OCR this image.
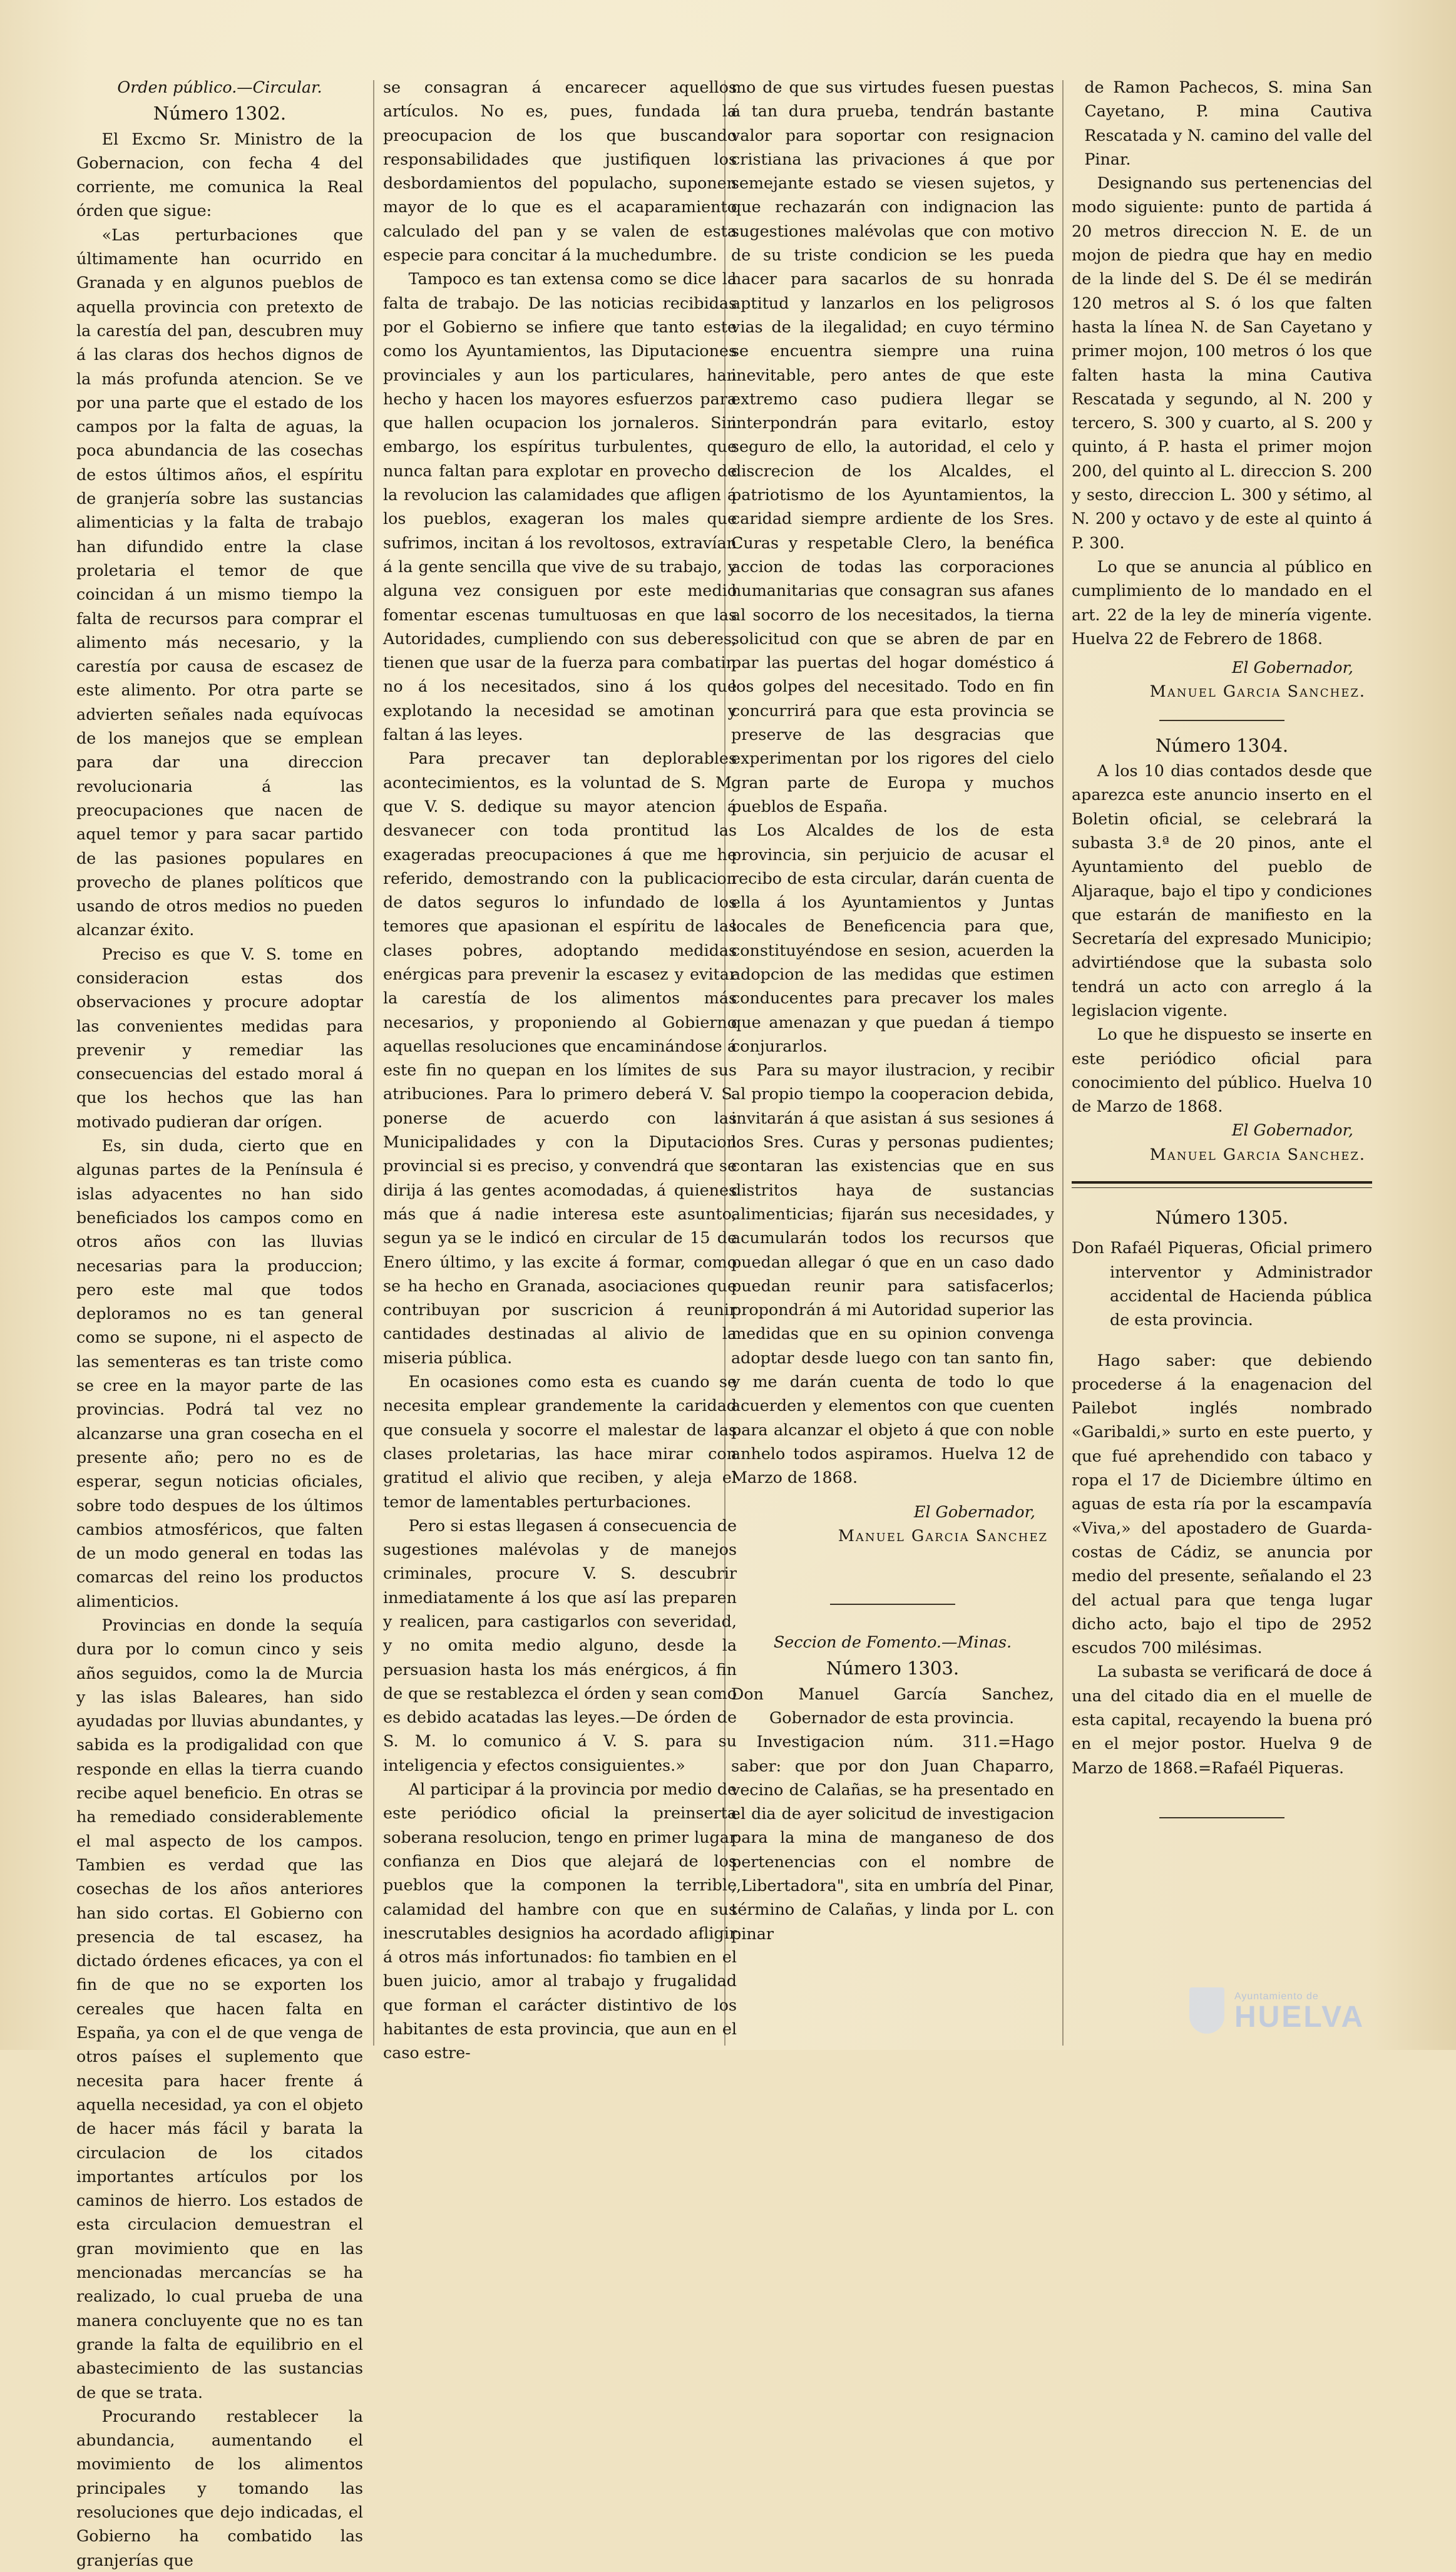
Orden público.—Circular.

Número 1302.

El Excmo Sr. Ministro de la Gobernacion, con fecha 4 del corriente, me comunica la Real órden que sigue:

«Las perturbaciones que últimamente han ocurrido en Granada y en algunos pueblos de aquella provincia con pretexto de la carestía del pan, descubren muy á las claras dos hechos dignos de la más profunda atencion. Se ve por una parte que el estado de los campos por la falta de aguas, la poca abundancia de las cosechas de estos últimos años, el espíritu de granjería sobre las sustancias alimenticias y la falta de trabajo han difundido entre la clase proletaria el temor de que coincidan á un mismo tiempo la falta de recursos para comprar el alimento más necesario, y la carestía por causa de escasez de este alimento. Por otra parte se advierten señales nada equívocas de los manejos que se emplean para dar una direccion revolucionaria á las preocupaciones que nacen de aquel temor y para sacar partido de las pasiones populares en provecho de planes políticos que usando de otros medios no pueden alcanzar éxito.

Preciso es que V. S. tome en consideracion estas dos observaciones y procure adoptar las convenientes medidas para prevenir y remediar las consecuencias del estado moral á que los hechos que las han motivado pudieran dar orígen.

Es, sin duda, cierto que en algunas partes de la Península é islas adyacentes no han sido beneficiados los campos como en otros años con las lluvias necesarias para la produccion; pero este mal que todos deploramos no es tan general como se supone, ni el aspecto de las sementeras es tan triste como se cree en la mayor parte de las provincias. Podrá tal vez no alcanzarse una gran cosecha en el presente año; pero no es de esperar, segun noticias oficiales, sobre todo despues de los últimos cambios atmosféricos, que falten de un modo general en todas las comarcas del reino los productos alimenticios.

Provincias en donde la sequía dura por lo comun cinco y seis años seguidos, como la de Murcia y las islas Baleares, han sido ayudadas por lluvias abundantes, y sabida es la prodigalidad con que responde en ellas la tierra cuando recibe aquel beneficio. En otras se ha remediado considerablemente el mal aspecto de los campos. Tambien es verdad que las cosechas de los años anteriores han sido cortas. El Gobierno con presencia de tal escasez, ha dictado órdenes eficaces, ya con el fin de que no se exporten los cereales que hacen falta en España, ya con el de que venga de otros países el suplemento que necesita para hacer frente á aquella necesidad, ya con el objeto de hacer más fácil y barata la circulacion de los citados importantes artículos por los caminos de hierro. Los estados de esta circulacion demuestran el gran movimiento que en las mencionadas mercancías se ha realizado, lo cual prueba de una manera concluyente que no es tan grande la falta de equilibrio en el abastecimiento de las sustancias de que se trata.

Procurando restablecer la abundancia, aumentando el movimiento de los alimentos principales y tomando las resoluciones que dejo indicadas, el Gobierno ha combatido las granjerías que

se consagran á encarecer aquellos artículos. No es, pues, fundada la preocupacion de los que buscando responsabilidades que justifiquen los desbordamientos del populacho, suponen mayor de lo que es el acaparamiento calculado del pan y se valen de esta especie para concitar á la muchedumbre.

Tampoco es tan extensa como se dice la falta de trabajo. De las noticias recibidas por el Gobierno se infiere que tanto este como los Ayuntamientos, las Diputaciones provinciales y aun los particulares, han hecho y hacen los mayores esfuerzos para que hallen ocupacion los jornaleros. Sin embargo, los espíritus turbulentes, que nunca faltan para explotar en provecho de la revolucion las calamidades que afligen á los pueblos, exageran los males que sufrimos, incitan á los revoltosos, extravían á la gente sencilla que vive de su trabajo, y alguna vez consiguen por este medio fomentar escenas tumultuosas en que las Autoridades, cumpliendo con sus deberes, tienen que usar de la fuerza para combatir, no á los necesitados, sino á los que explotando la necesidad se amotinan y faltan á las leyes.

Para precaver tan deplorables acontecimientos, es la voluntad de S. M. que V. S. dedique su mayor atencion á desvanecer con toda prontitud las exageradas preocupaciones á que me he referido, demostrando con la publicacion de datos seguros lo infundado de los temores que apasionan el espíritu de las clases pobres, adoptando medidas enérgicas para prevenir la escasez y evitar la carestía de los alimentos más necesarios, y proponiendo al Gobierno aquellas resoluciones que encaminándose á este fin no quepan en los límites de sus atribuciones. Para lo primero deberá V. S. ponerse de acuerdo con las Municipalidades y con la Diputacion provincial si es preciso, y convendrá que se dirija á las gentes acomodadas, á quienes más que á nadie interesa este asunto, segun ya se le indicó en circular de 15 de Enero último, y las excite á formar, como se ha hecho en Granada, asociaciones que contribuyan por suscricion á reunir cantidades destinadas al alivio de la miseria pública.

En ocasiones como esta es cuando se necesita emplear grandemente la caridad que consuela y socorre el malestar de las clases proletarias, las hace mirar con gratitud el alivio que reciben, y aleja el temor de lamentables perturbaciones.

Pero si estas llegasen á consecuencia de sugestiones malévolas y de manejos criminales, procure V. S. descubrir inmediatamente á los que así las preparen y realicen, para castigarlos con severidad, y no omita medio alguno, desde la persuasion hasta los más enérgicos, á fin de que se restablezca el órden y sean como es debido acatadas las leyes.—De órden de S. M. lo comunico á V. S. para su inteligencia y efectos consiguientes.»

Al participar á la provincia por medio de este periódico oficial la preinserta soberana resolucion, tengo en primer lugar confianza en Dios que alejará de los pueblos que la componen la terrible calamidad del hambre con que en sus inescrutables designios ha acordado afligir á otros más infortunados: fio tambien en el buen juicio, amor al trabajo y frugalidad que forman el carácter distintivo de los habitantes de esta provincia, que aun en el caso estre-

mo de que sus virtudes fuesen puestas á tan dura prueba, tendrán bastante valor para soportar con resignacion cristiana las privaciones á que por semejante estado se viesen sujetos, y que rechazarán con indignacion las sugestiones malévolas que con motivo de su triste condicion se les pueda hacer para sacarlos de su honrada aptitud y lanzarlos en los peligrosos vias de la ilegalidad; en cuyo término se encuentra siempre una ruina inevitable, pero antes de que este extremo caso pudiera llegar se interpondrán para evitarlo, estoy seguro de ello, la autoridad, el celo y discrecion de los Alcaldes, el patriotismo de los Ayuntamientos, la caridad siempre ardiente de los Sres. Curas y respetable Clero, la benéfica accion de todas las corporaciones humanitarias que consagran sus afanes al socorro de los necesitados, la tierna solicitud con que se abren de par en par las puertas del hogar doméstico á los golpes del necesitado. Todo en fin concurrirá para que esta provincia se preserve de las desgracias que experimentan por los rigores del cielo gran parte de Europa y muchos pueblos de España.

Los Alcaldes de los de esta provincia, sin perjuicio de acusar el recibo de esta circular, darán cuenta de ella á los Ayuntamientos y Juntas locales de Beneficencia para que, constituyéndose en sesion, acuerden la adopcion de las medidas que estimen conducentes para precaver los males que amenazan y que puedan á tiempo conjurarlos.

Para su mayor ilustracion, y recibir al propio tiempo la cooperacion debida, invitarán á que asistan á sus sesiones á los Sres. Curas y personas pudientes; contaran las existencias que en sus distritos haya de sustancias alimenticias; fijarán sus necesidades, y acumularán todos los recursos que puedan allegar ó que en un caso dado puedan reunir para satisfacerlos; propondrán á mi Autoridad superior las medidas que en su opinion convenga adoptar desde luego con tan santo fin, y me darán cuenta de todo lo que acuerden y elementos con que cuenten para alcanzar el objeto á que con noble anhelo todos aspiramos. Huelva 12 de Marzo de 1868.

El Gobernador,

Manuel Garcia Sanchez

Seccion de Fomento.—Minas.

Número 1303.

Don Manuel García Sanchez, Gobernador de esta provincia.

Investigacion núm. 311.=Hago saber: que por don Juan Chaparro, vecino de Calañas, se ha presentado en el dia de ayer solicitud de investigacion para la mina de manganeso de dos pertenencias con el nombre de ,,Libertadora", sita en umbría del Pinar, término de Calañas, y linda por L. con pinar

de Ramon Pachecos, S. mina San Cayetano, P. mina Cautiva Rescatada y N. camino del valle del Pinar.

Designando sus pertenencias del modo siguiente: punto de partida á 20 metros direccion N. E. de un mojon de piedra que hay en medio de la linde del S. De él se medirán 120 metros al S. ó los que falten hasta la línea N. de San Cayetano y primer mojon, 100 metros ó los que falten hasta la mina Cautiva Rescatada y segundo, al N. 200 y tercero, S. 300 y cuarto, al S. 200 y quinto, á P. hasta el primer mojon 200, del quinto al L. direccion S. 200 y sesto, direccion L. 300 y sétimo, al N. 200 y octavo y de este al quinto á P. 300.

Lo que se anuncia al público en cumplimiento de lo mandado en el art. 22 de la ley de minería vigente. Huelva 22 de Febrero de 1868.

El Gobernador,

Manuel Garcia Sanchez.

Número 1304.

A los 10 dias contados desde que aparezca este anuncio inserto en el Boletin oficial, se celebrará la subasta 3.ª de 20 pinos, ante el Ayuntamiento del pueblo de Aljaraque, bajo el tipo y condiciones que estarán de manifiesto en la Secretaría del expresado Municipio; advirtiéndose que la subasta solo tendrá un acto con arreglo á la legislacion vigente.

Lo que he dispuesto se inserte en este periódico oficial para conocimiento del público. Huelva 10 de Marzo de 1868.

El Gobernador,

Manuel Garcia Sanchez.

Número 1305.

Don Rafaél Piqueras, Oficial primero interventor y Administrador accidental de Hacienda pública de esta provincia.

Hago saber: que debiendo procederse á la enagenacion del Pailebot inglés nombrado «Garibaldi,» surto en este puerto, y que fué aprehendido con tabaco y ropa el 17 de Diciembre último en aguas de esta ría por la escampavía «Viva,» del apostadero de Guarda-costas de Cádiz, se anuncia por medio del presente, señalando el 23 del actual para que tenga lugar dicho acto, bajo el tipo de 2952 escudos 700 milésimas.

La subasta se verificará de doce á una del citado dia en el muelle de esta capital, recayendo la buena pró en el mejor postor. Huelva 9 de Marzo de 1868.=Rafaél Piqueras.

Ayuntamiento de
HUELVA
